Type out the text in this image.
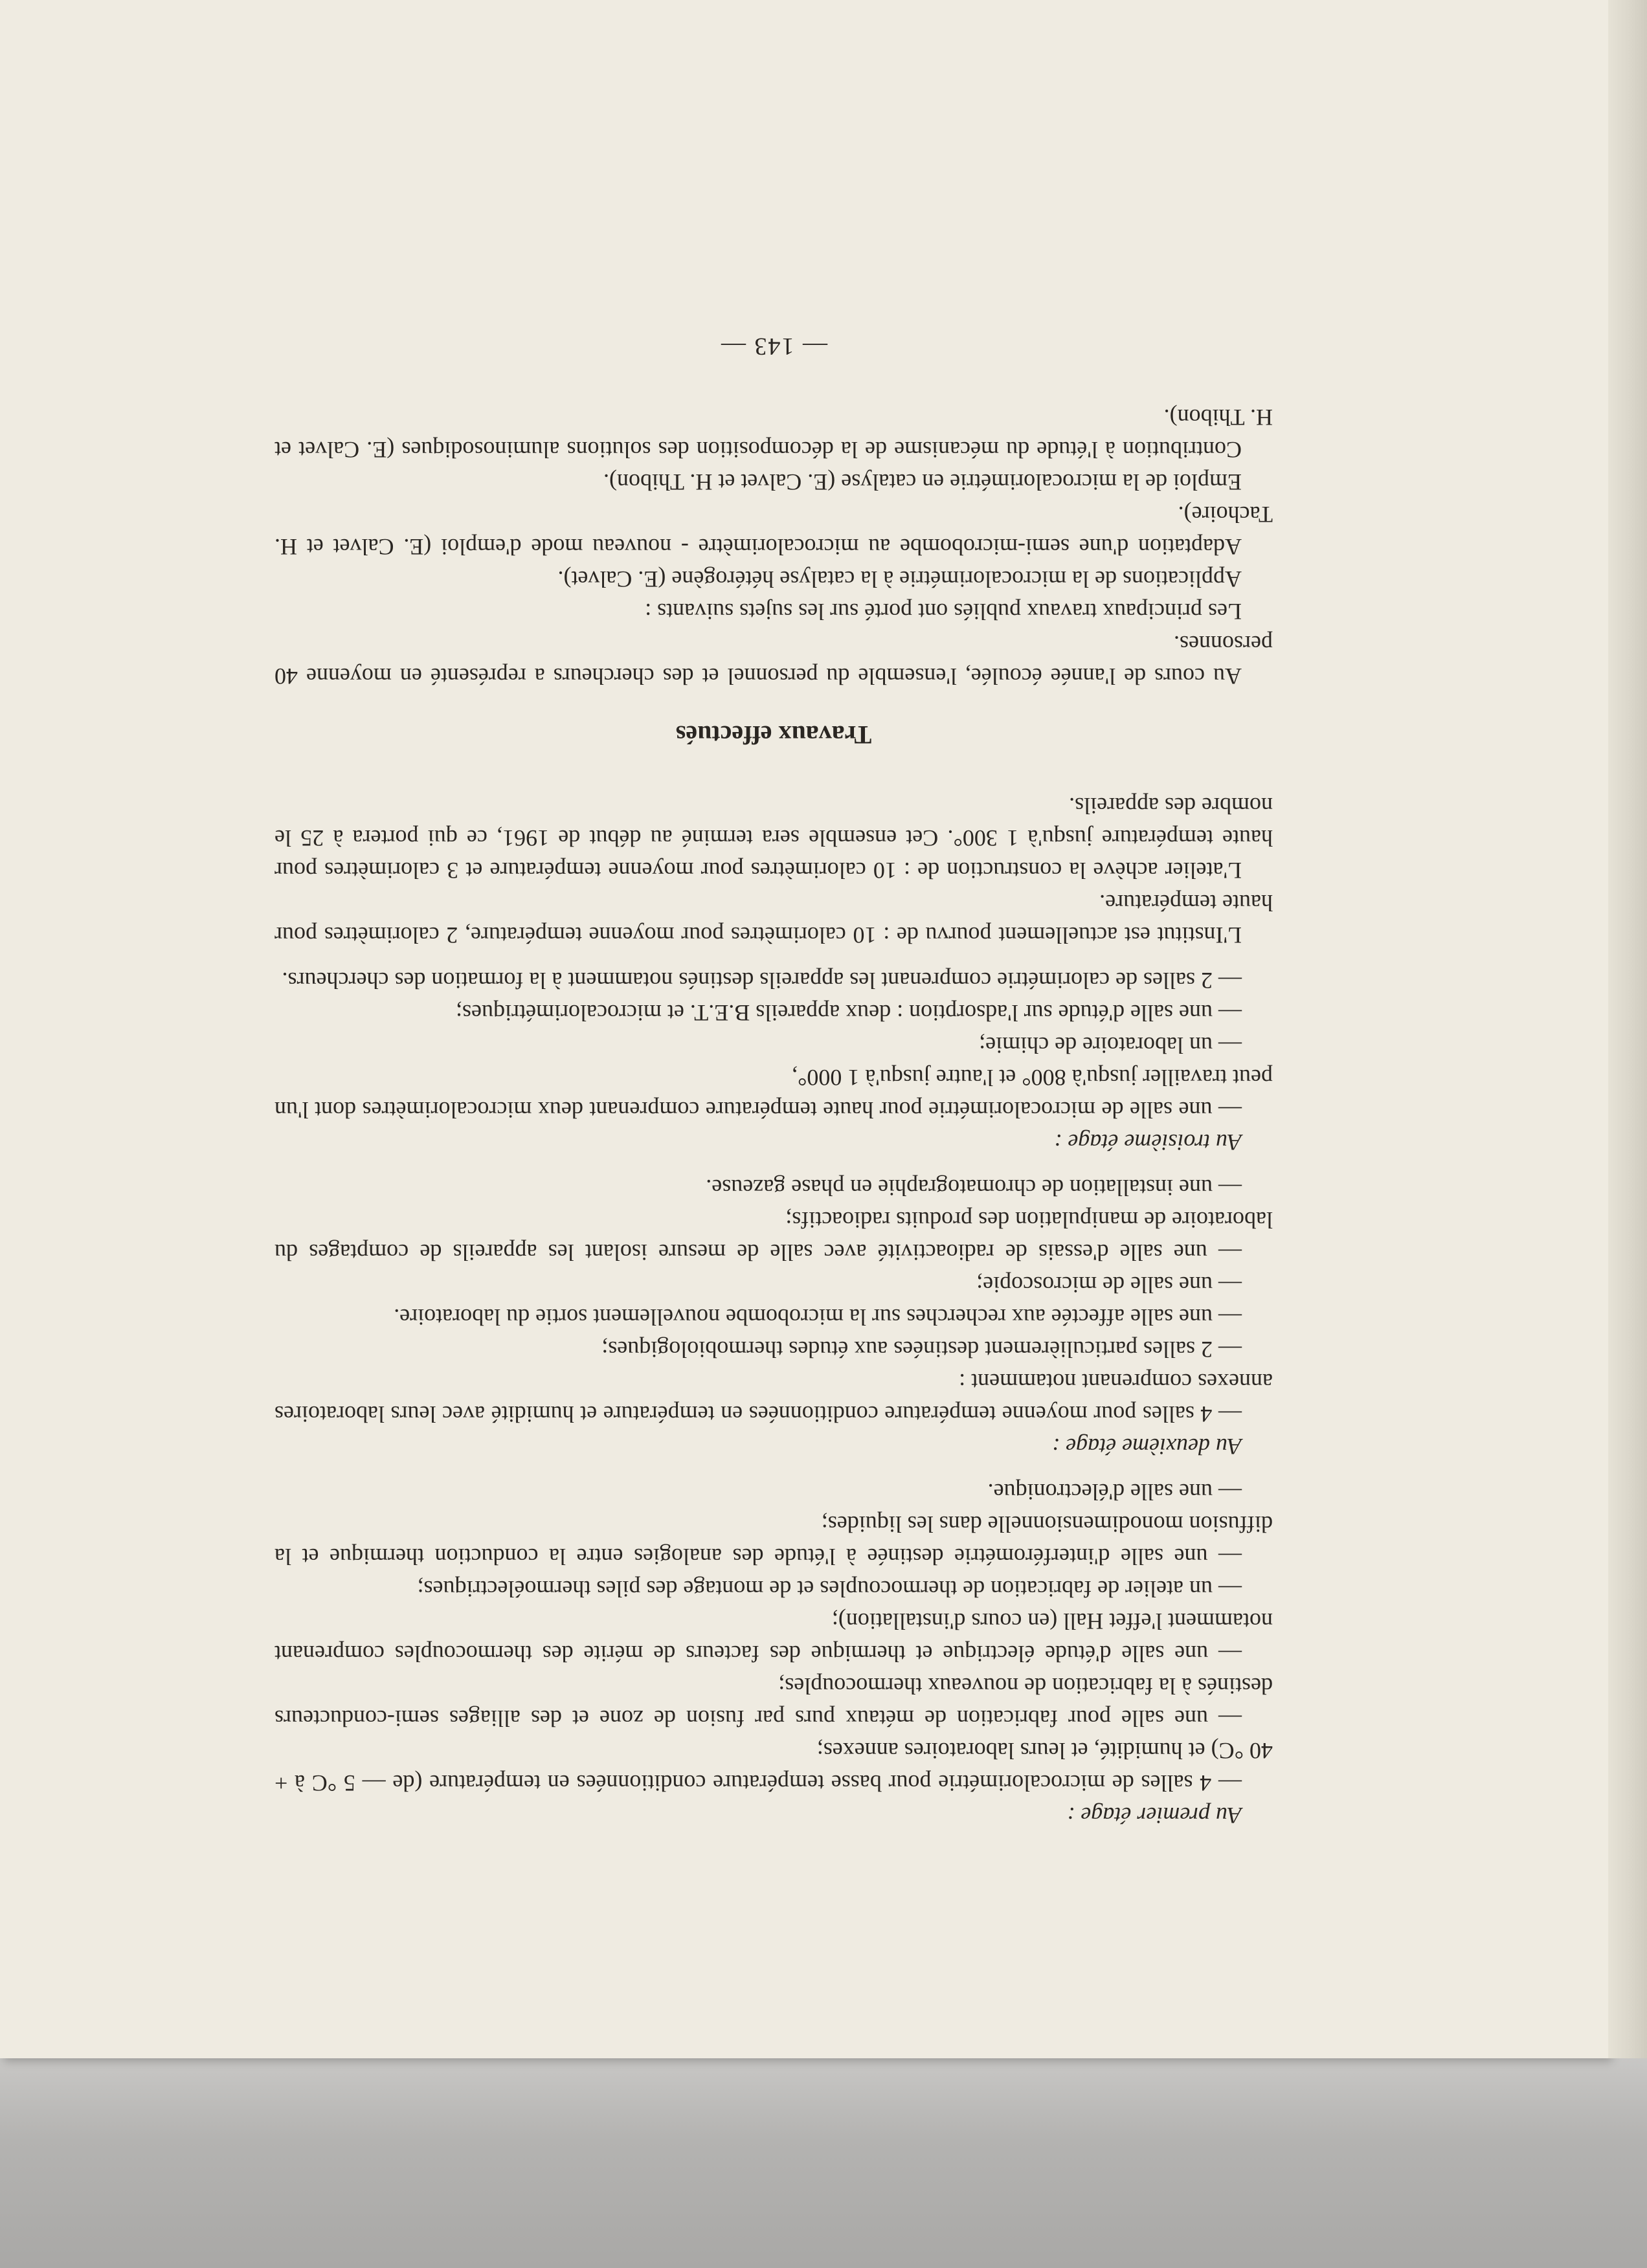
Au premier étage :

— 4 salles de microcalorimétrie pour basse température conditionnées en température (de — 5 °C à + 40 °C) et humidité, et leurs laboratoires annexes;

— une salle pour fabrication de métaux purs par fusion de zone et des alliages semi-conducteurs destinés à la fabrication de nouveaux thermocouples;

— une salle d'étude électrique et thermique des facteurs de mérite des thermocouples comprenant notamment l'effet Hall (en cours d'installation);

— un atelier de fabrication de thermocouples et de montage des piles thermoélectriques;

— une salle d'interférométrie destinée à l'étude des analogies entre la conduction thermique et la diffusion monodimensionnelle dans les liquides;

— une salle d'électronique.

Au deuxième étage :

— 4 salles pour moyenne température conditionnées en température et humidité avec leurs laboratoires annexes comprenant notamment :

— 2 salles particulièrement destinées aux études thermobiologiques;

— une salle affectée aux recherches sur la microbombe nouvellement sortie du laboratoire.

— une salle de microscopie;

— une salle d'essais de radioactivité avec salle de mesure isolant les appareils de comptages du laboratoire de manipulation des produits radioactifs;

— une installation de chromatographie en phase gazeuse.

Au troisième étage :

— une salle de microcalorimétrie pour haute température comprenant deux microcalorimètres dont l'un peut travailler jusqu'à 800° et l'autre jusqu'à 1 000°,

— un laboratoire de chimie;

— une salle d'étude sur l'adsorption : deux appareils B.E.T. et microcalorimétriques;

— 2 salles de calorimétrie comprenant les appareils destinés notamment à la formation des chercheurs.

L'Institut est actuellement pourvu de : 10 calorimètres pour moyenne température, 2 calorimètres pour haute température.

L'atelier achève la construction de : 10 calorimètres pour moyenne température et 3 calorimètres pour haute température jusqu'à 1 300°. Cet ensemble sera terminé au début de 1961, ce qui portera à 25 le nombre des appareils.

Travaux effectués

Au cours de l'année écoulée, l'ensemble du personnel et des chercheurs a représenté en moyenne 40 personnes.

Les principaux travaux publiés ont porté sur les sujets suivants :

Applications de la microcalorimétrie à la catalyse hétérogène (E. Calvet).

Adaptation d'une semi-microbombe au microcalorimètre - nouveau mode d'emploi (E. Calvet et H. Tachoire).

Emploi de la microcalorimétrie en catalyse (E. Calvet et H. Thibon).

Contribution à l'étude du mécanisme de la décomposition des solutions aluminosodiques (E. Calvet et H. Thibon).

— 143 —
